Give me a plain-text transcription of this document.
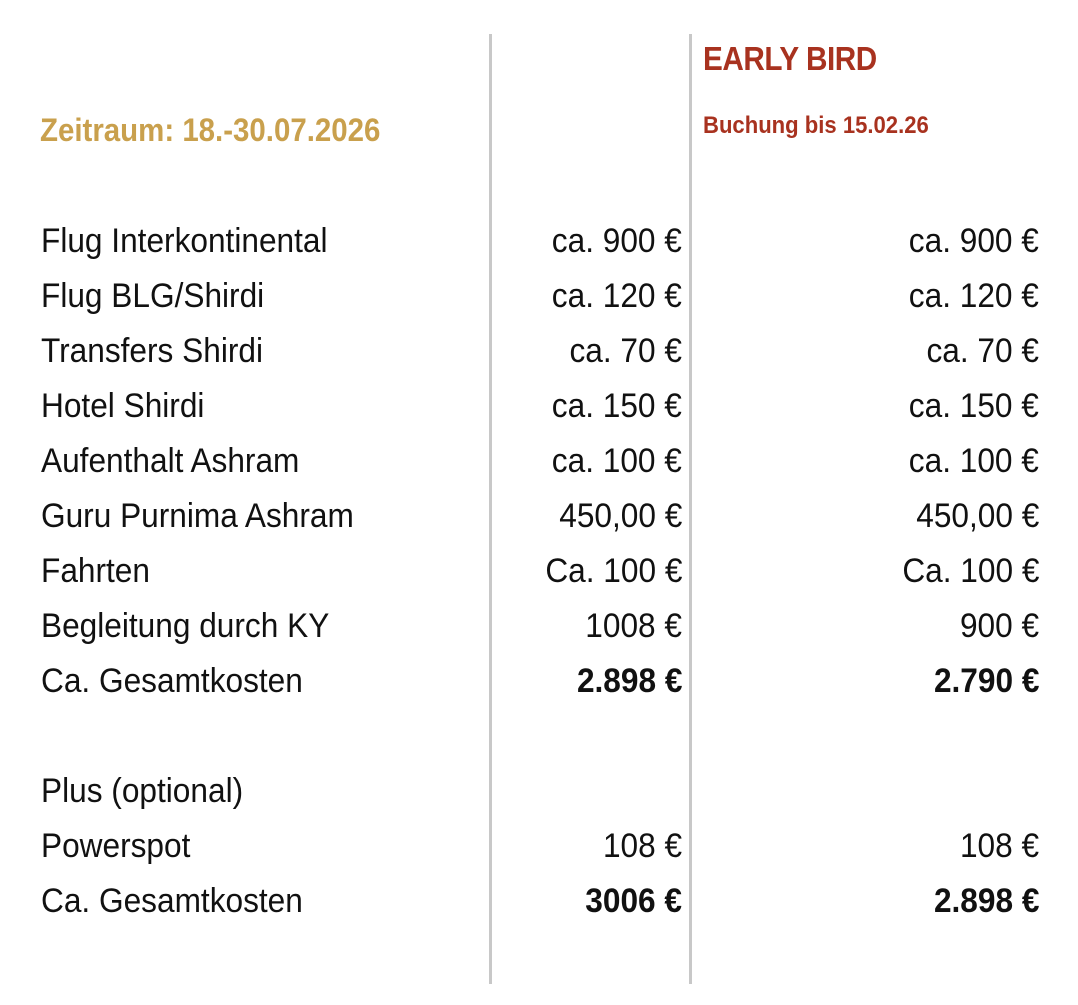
EARLY BIRD
Buchung bis 15.02.26
Zeitraum: 18.-30.07.2026
Flug Interkontinental	ca. 900 €	ca. 900 €
Flug BLG/Shirdi	ca. 120 €	ca. 120 €
Transfers Shirdi	ca. 70 €	ca. 70 €
Hotel Shirdi	ca. 150 €	ca. 150 €
Aufenthalt Ashram	ca. 100 €	ca. 100 €
Guru Purnima Ashram	450,00 €	450,00 €
Fahrten	Ca. 100 €	Ca. 100 €
Begleitung durch KY	1008 €	900 €
Ca. Gesamtkosten	2.898 €	2.790 €
Plus (optional)
Powerspot	108 €	108 €
Ca. Gesamtkosten	3006 €	2.898 €
